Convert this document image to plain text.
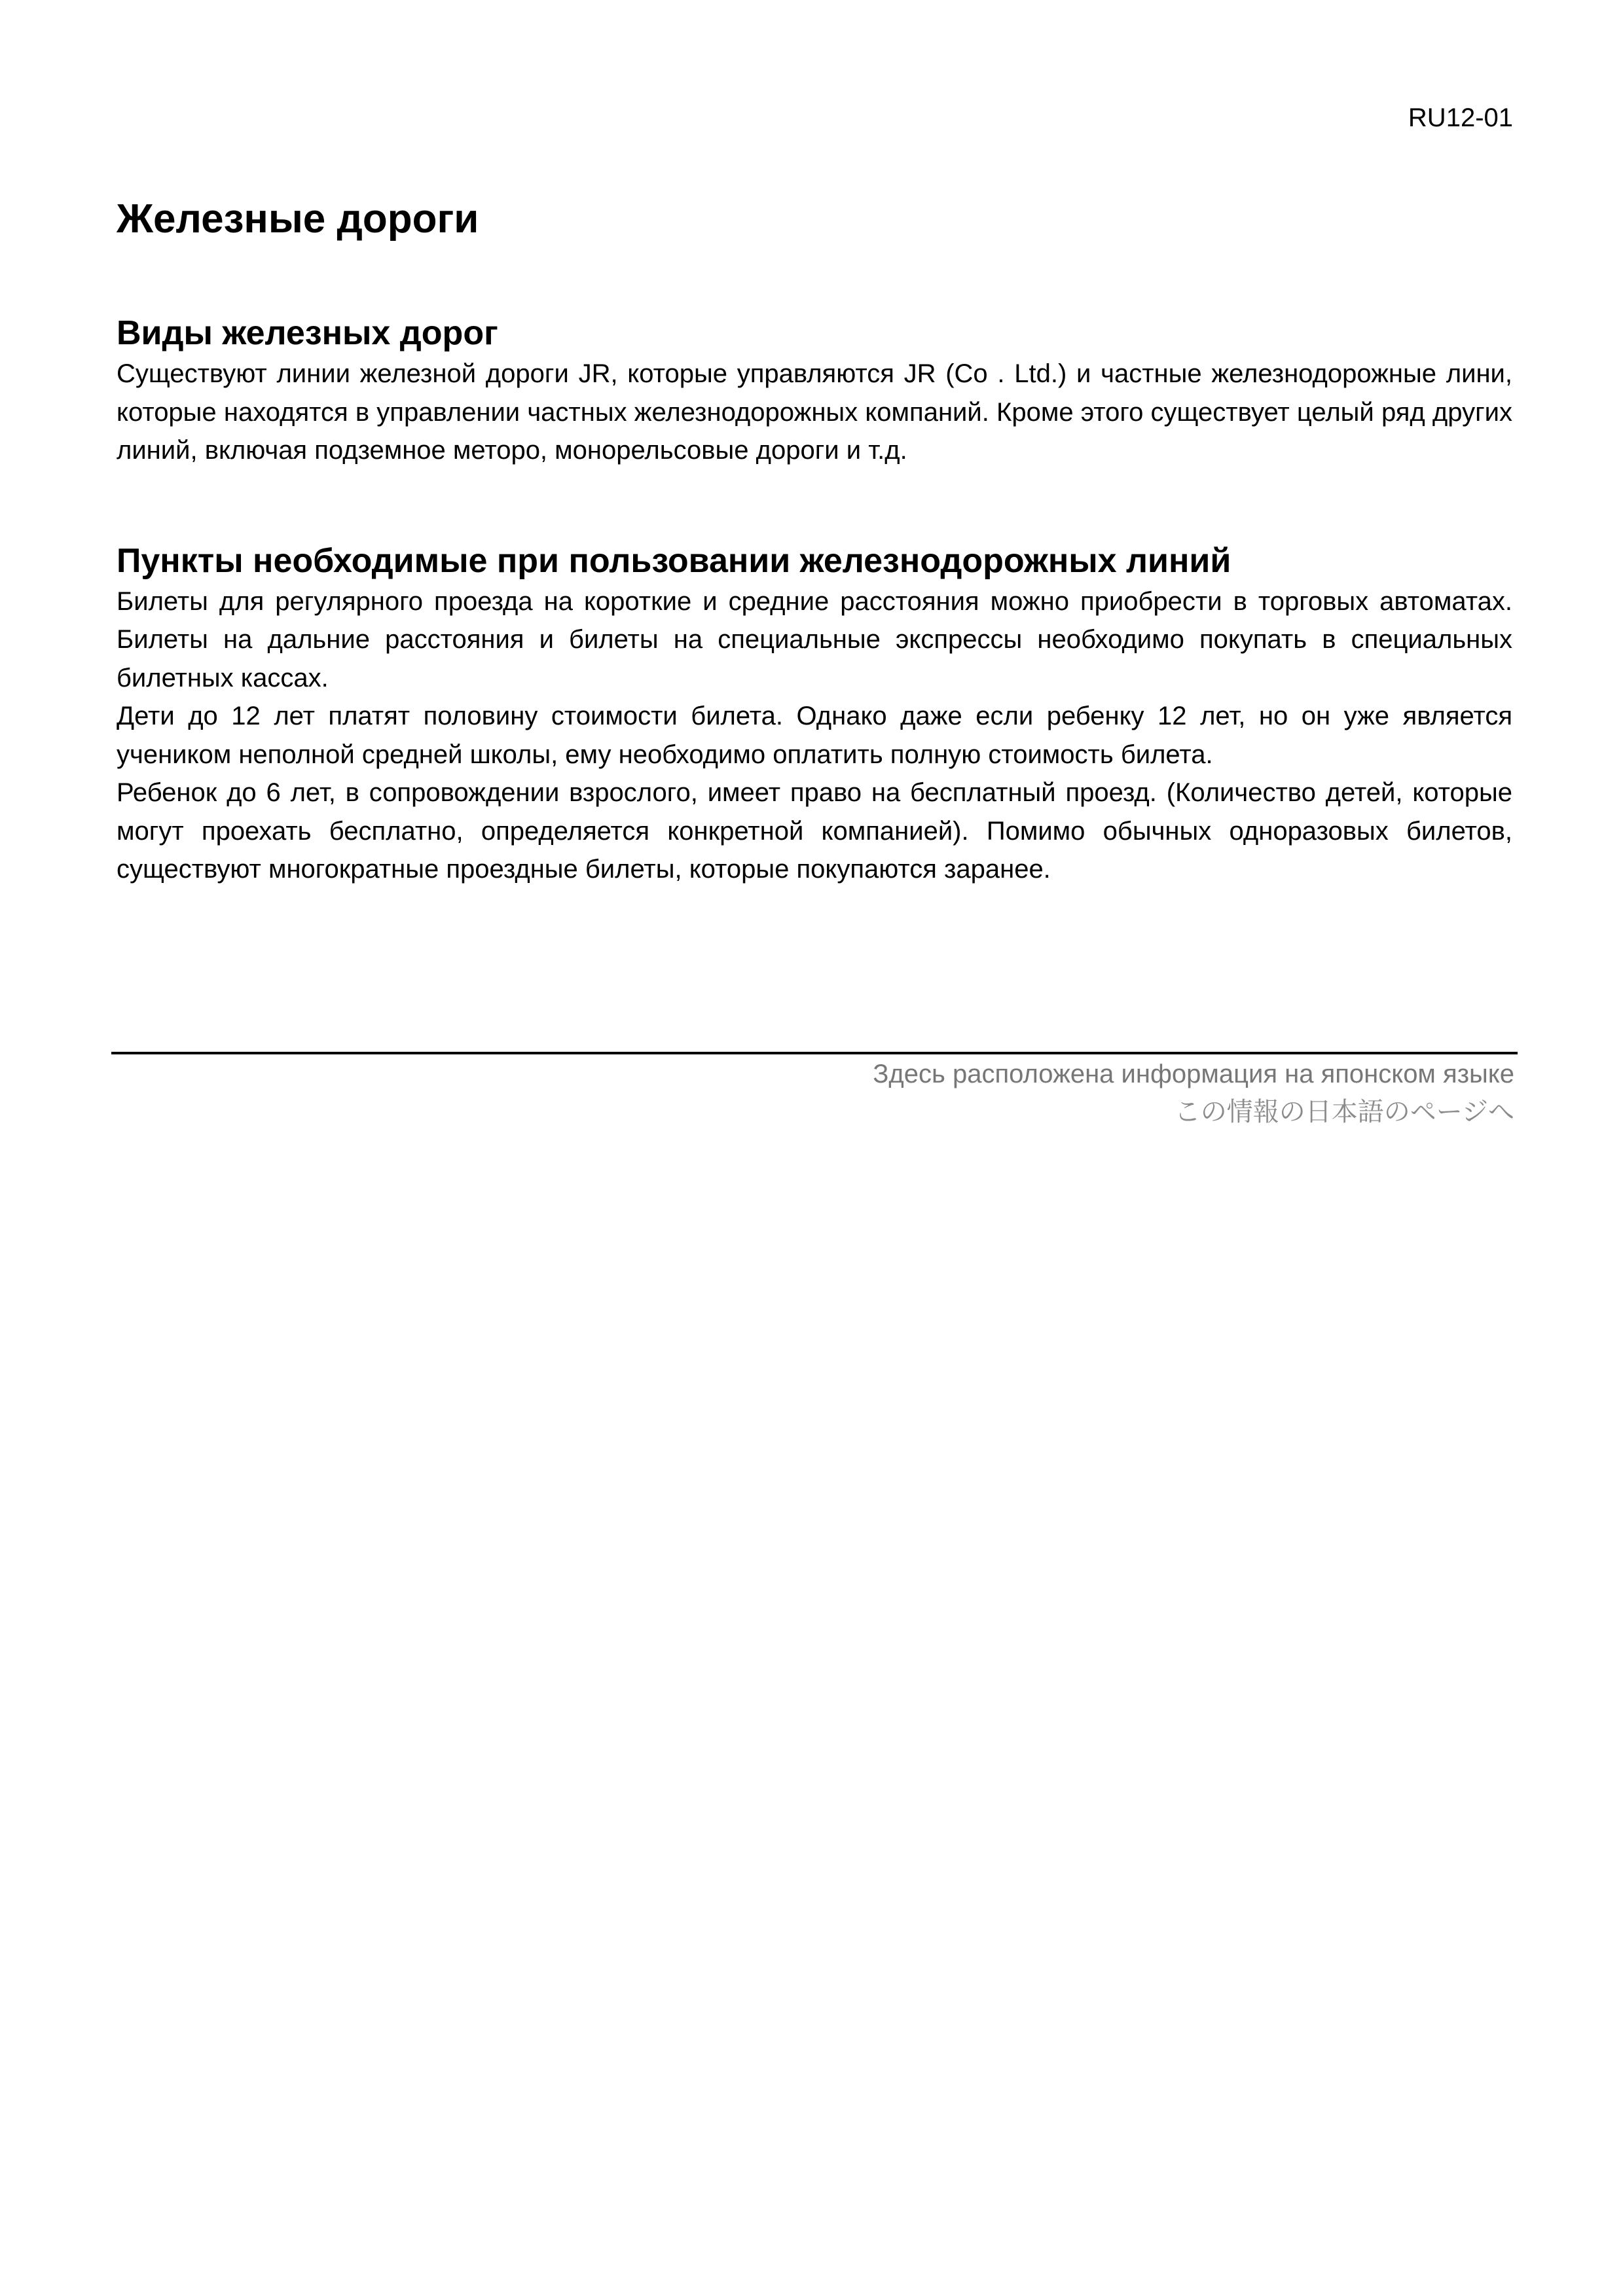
RU12-01
Железные дороги
Виды железных дорог

Существуют линии железной дороги JR, которые управляются JR (Co . Ltd.) и частные железнодорожные лини, которые находятся в управлении частных железнодорожных компаний. Кроме этого существует целый ряд других линий, включая подземное меторо, монорельсовые дороги и т.д.

Пункты необходимые при пользовании железнодорожных линий

Билеты для регулярного проезда на короткие и средние расстояния можно приобрести в торговых автоматах. Билеты на дальние расстояния и билеты на специальные экспрессы необходимо покупать в специальных билетных кассах.

Дети до 12 лет платят половину стоимости билета. Однако даже если ребенку 12 лет, но он уже является учеником неполной средней школы, ему необходимо оплатить полную стоимость билета.

Ребенок до 6 лет, в сопровождении взрослого, имеет право на бесплатный проезд. (Количество детей, которые могут проехать бесплатно, определяется конкретной компанией). Помимо обычных одноразовых билетов, существуют многократные проездные билеты, которые покупаются заранее.

Здесь расположена информация на японском языке
この情報の日本語のページへ
